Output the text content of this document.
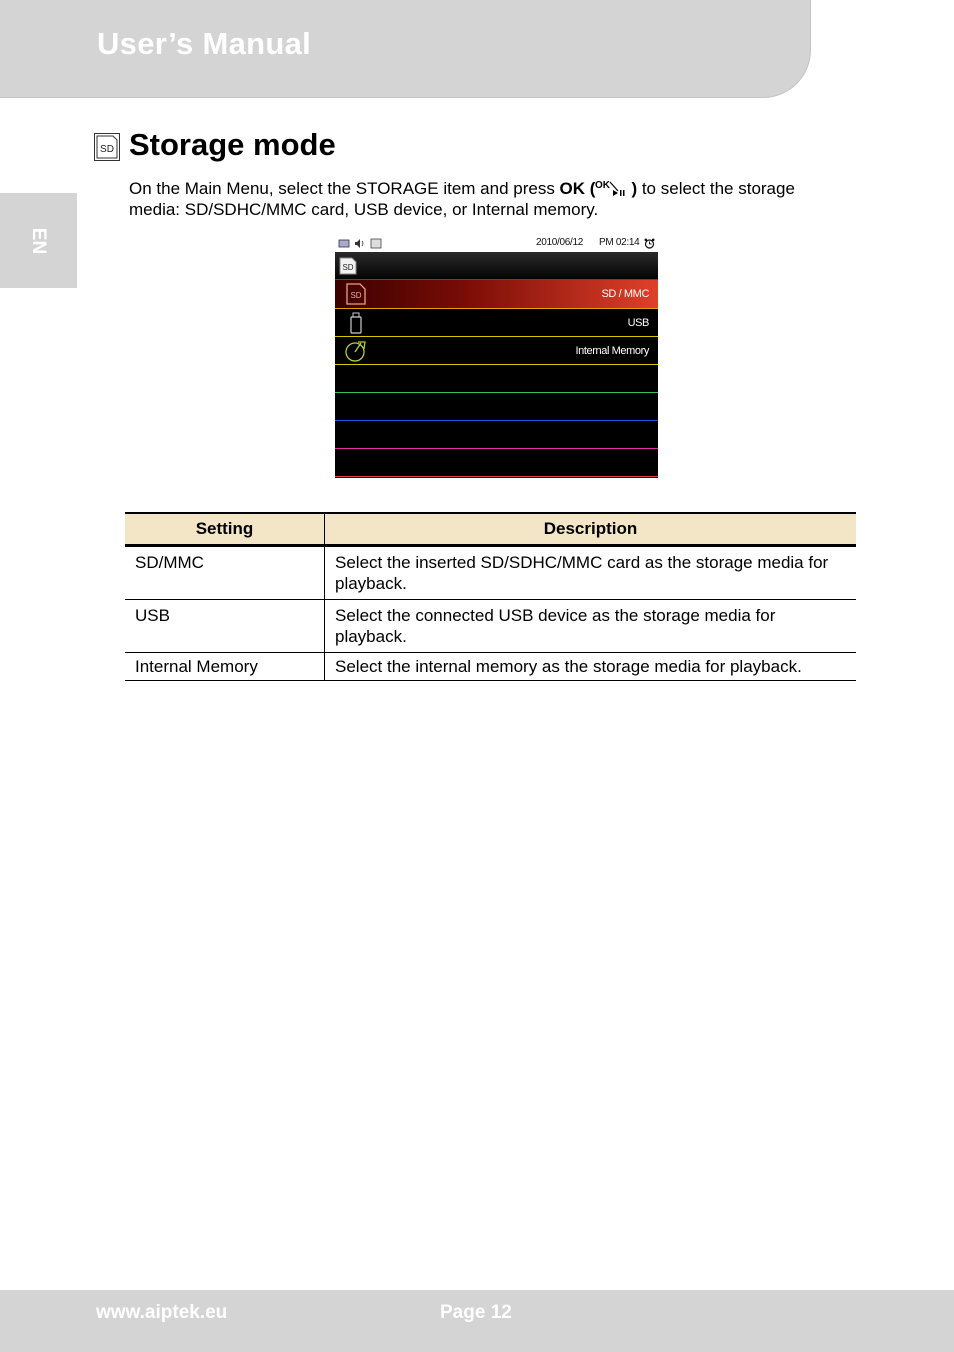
User’s Manual
EN
SD Storage mode
On the Main Menu, select the STORAGE item and press OK ( OK ) to select the storage media: SD/SDHC/MMC card, USB device, or Internal memory.
2010/06/12 PM 02:14
SD
SD	SD / MMC
USB
Internal Memory
Setting	Description
SD/MMC	Select the inserted SD/SDHC/MMC card as the storage media for playback.
USB	Select the connected USB device as the storage media for playback.
Internal Memory	Select the internal memory as the storage media for playback.
www.aiptek.eu	Page 12
